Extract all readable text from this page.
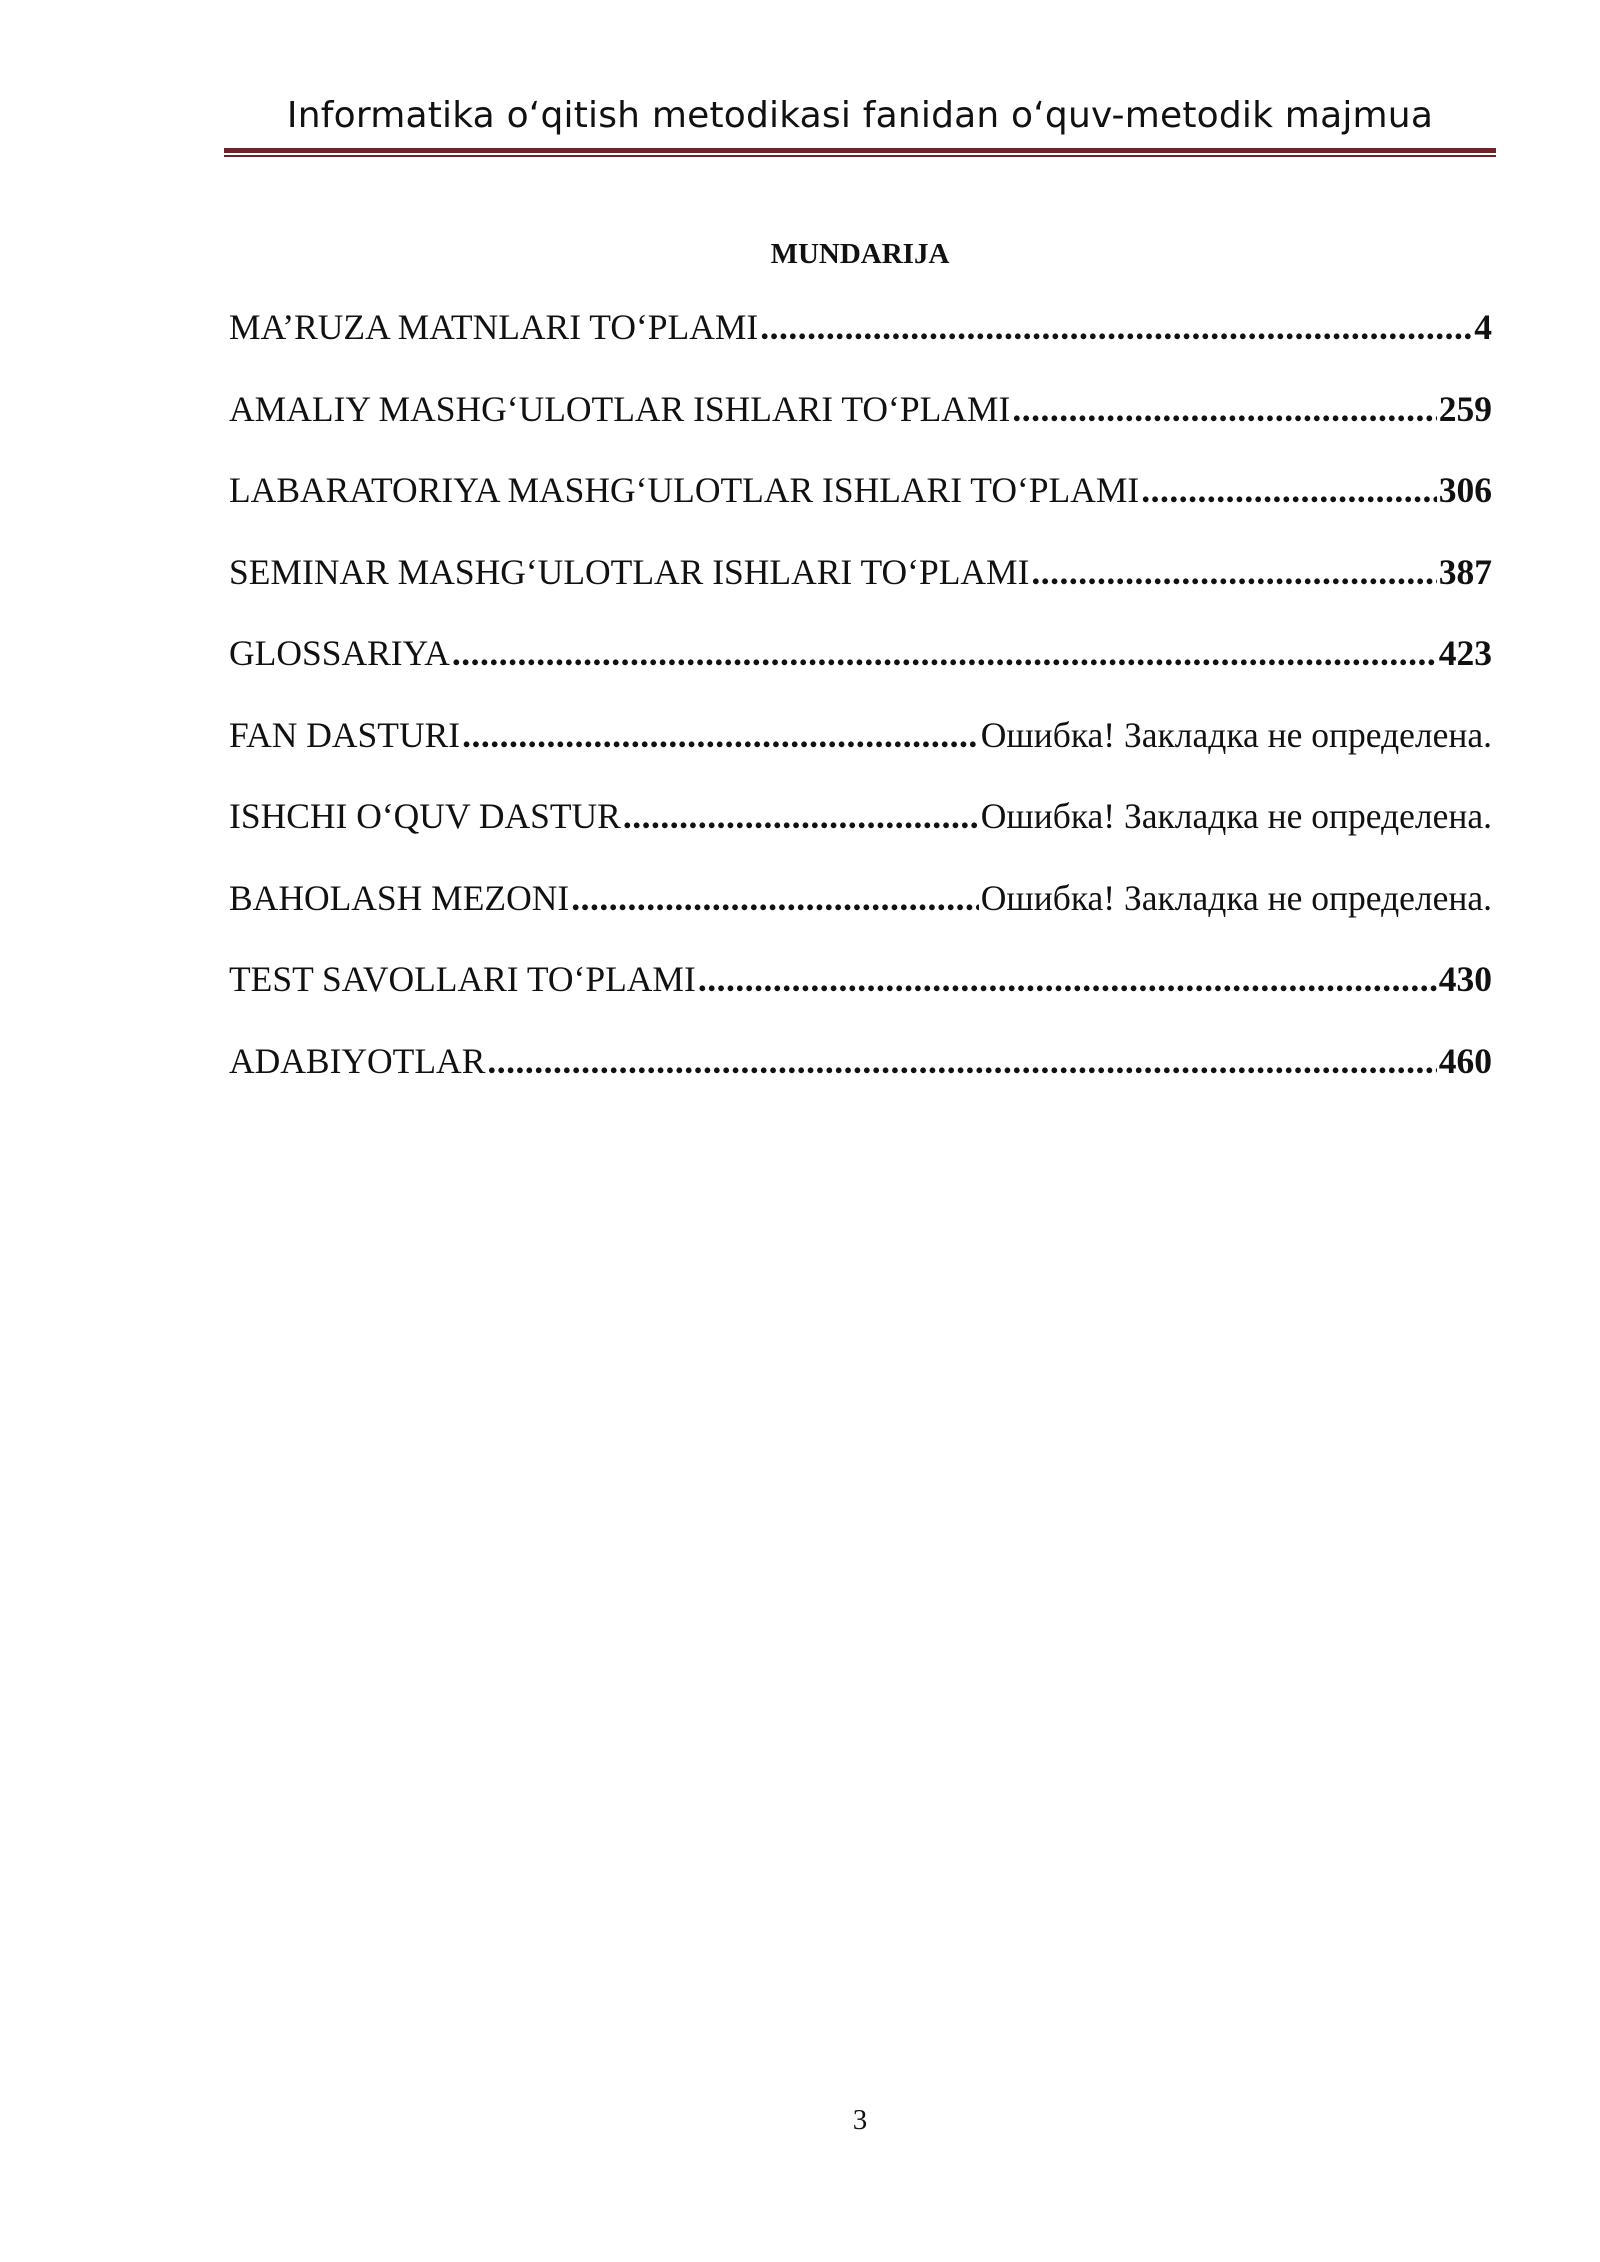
Informatika oʻqitish metodikasi fanidan oʻquv-metodik majmua
MUNDARIJA
MA’RUZA MATNLARI TO‘PLAMI .....	4
AMALIY MASHG‘ULOTLAR ISHLARI TO‘PLAMI .....	259
LABARATORIYA MASHG‘ULOTLAR ISHLARI TO‘PLAMI .....	306
SEMINAR MASHG‘ULOTLAR ISHLARI TO‘PLAMI .....	387
GLOSSARIYA .....	423
FAN DASTURI .....	Ошибка! Закладка не определена.
ISHCHI O‘QUV DASTUR .....	Ошибка! Закладка не определена.
BAHOLASH MEZONI .....	Ошибка! Закладка не определена.
TEST SAVOLLARI TO‘PLAMI .....	430
ADABIYOTLAR .....	460
3
